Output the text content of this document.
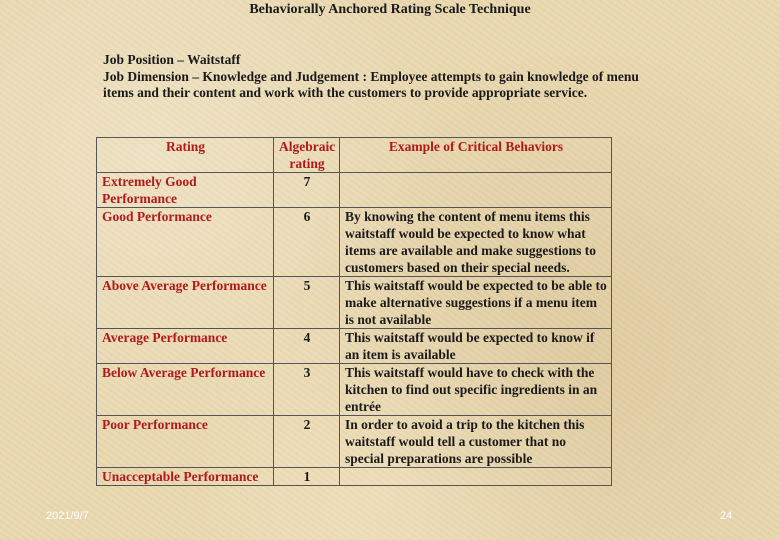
Behaviorally Anchored Rating Scale Technique
Job Position – Waitstaff
Job Dimension – Knowledge and Judgement : Employee attempts to gain knowledge of menu items and their content and work with the customers to provide appropriate service.
Rating	Algebraic rating	Example of Critical Behaviors
Extremely Good Performance	7	
Good Performance	6	By knowing the content of menu items this waitstaff would be expected to know what items are available and make suggestions to customers based on their special needs.
Above Average Performance	5	This waitstaff would be expected to be able to make alternative suggestions if a menu item is not available
Average Performance	4	This waitstaff would be expected to know if an item is available
Below Average Performance	3	This waitstaff would have to check with the kitchen to find out specific ingredients in an entrée
Poor Performance	2	In order to avoid a trip to the kitchen this waitstaff would tell a customer that no special preparations are possible
Unacceptable Performance	1	
2021/9/7	24
